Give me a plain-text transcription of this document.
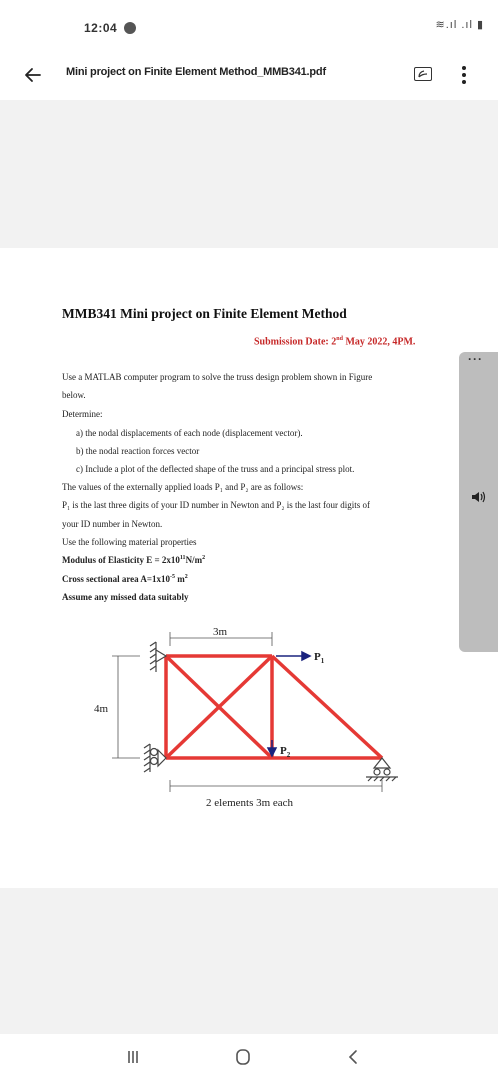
12:04	≋.ıl .ıl ▮
Mini project on Finite Element Method_MMB341.pdf
MMB341 Mini project on Finite Element Method
Submission Date: 2nd May 2022, 4PM.
Use a MATLAB computer program to solve the truss design problem shown in Figure
below.
Determine:
a) the nodal displacements of each node (displacement vector).
b) the nodal reaction forces vector
c) Include a plot of the deflected shape of the truss and a principal stress plot.
The values of the externally applied loads P₁ and P₂ are as follows:
P₁ is the last three digits of your ID number in Newton and P₂ is the last four digits of
your ID number in Newton.
Use the following material properties
Modulus of Elasticity $E = 2x10^{11}N/m^2$
Cross sectional area $A=1x10^{-5}$ $m^2$
Assume any missed data suitably
3m
4m
$P_1$
$P_2$
2 elements 3m each
···
